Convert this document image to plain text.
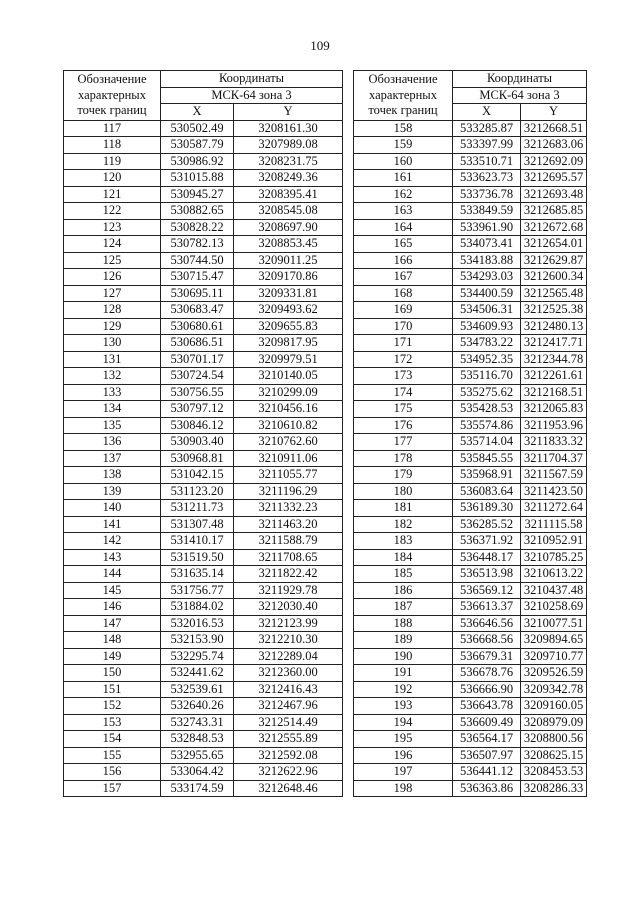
109
Обозначение
характерных
точек границ	Координаты	
	МСК-64 зона 3	
	X	Y
117	530502.49	3208161.30
118	530587.79	3207989.08
119	530986.92	3208231.75
120	531015.88	3208249.36
121	530945.27	3208395.41
122	530882.65	3208545.08
123	530828.22	3208697.90
124	530782.13	3208853.45
125	530744.50	3209011.25
126	530715.47	3209170.86
127	530695.11	3209331.81
128	530683.47	3209493.62
129	530680.61	3209655.83
130	530686.51	3209817.95
131	530701.17	3209979.51
132	530724.54	3210140.05
133	530756.55	3210299.09
134	530797.12	3210456.16
135	530846.12	3210610.82
136	530903.40	3210762.60
137	530968.81	3210911.06
138	531042.15	3211055.77
139	531123.20	3211196.29
140	531211.73	3211332.23
141	531307.48	3211463.20
142	531410.17	3211588.79
143	531519.50	3211708.65
144	531635.14	3211822.42
145	531756.77	3211929.78
146	531884.02	3212030.40
147	532016.53	3212123.99
148	532153.90	3212210.30
149	532295.74	3212289.04
150	532441.62	3212360.00
151	532539.61	3212416.43
152	532640.26	3212467.96
153	532743.31	3212514.49
154	532848.53	3212555.89
155	532955.65	3212592.08
156	533064.42	3212622.96
157	533174.59	3212648.46
Обозначение
характерных
точек границ	Координаты	
	МСК-64 зона 3	
	X	Y
158	533285.87	3212668.51
159	533397.99	3212683.06
160	533510.71	3212692.09
161	533623.73	3212695.57
162	533736.78	3212693.48
163	533849.59	3212685.85
164	533961.90	3212672.68
165	534073.41	3212654.01
166	534183.88	3212629.87
167	534293.03	3212600.34
168	534400.59	3212565.48
169	534506.31	3212525.38
170	534609.93	3212480.13
171	534783.22	3212417.71
172	534952.35	3212344.78
173	535116.70	3212261.61
174	535275.62	3212168.51
175	535428.53	3212065.83
176	535574.86	3211953.96
177	535714.04	3211833.32
178	535845.55	3211704.37
179	535968.91	3211567.59
180	536083.64	3211423.50
181	536189.30	3211272.64
182	536285.52	3211115.58
183	536371.92	3210952.91
184	536448.17	3210785.25
185	536513.98	3210613.22
186	536569.12	3210437.48
187	536613.37	3210258.69
188	536646.56	3210077.51
189	536668.56	3209894.65
190	536679.31	3209710.77
191	536678.76	3209526.59
192	536666.90	3209342.78
193	536643.78	3209160.05
194	536609.49	3208979.09
195	536564.17	3208800.56
196	536507.97	3208625.15
197	536441.12	3208453.53
198	536363.86	3208286.33
